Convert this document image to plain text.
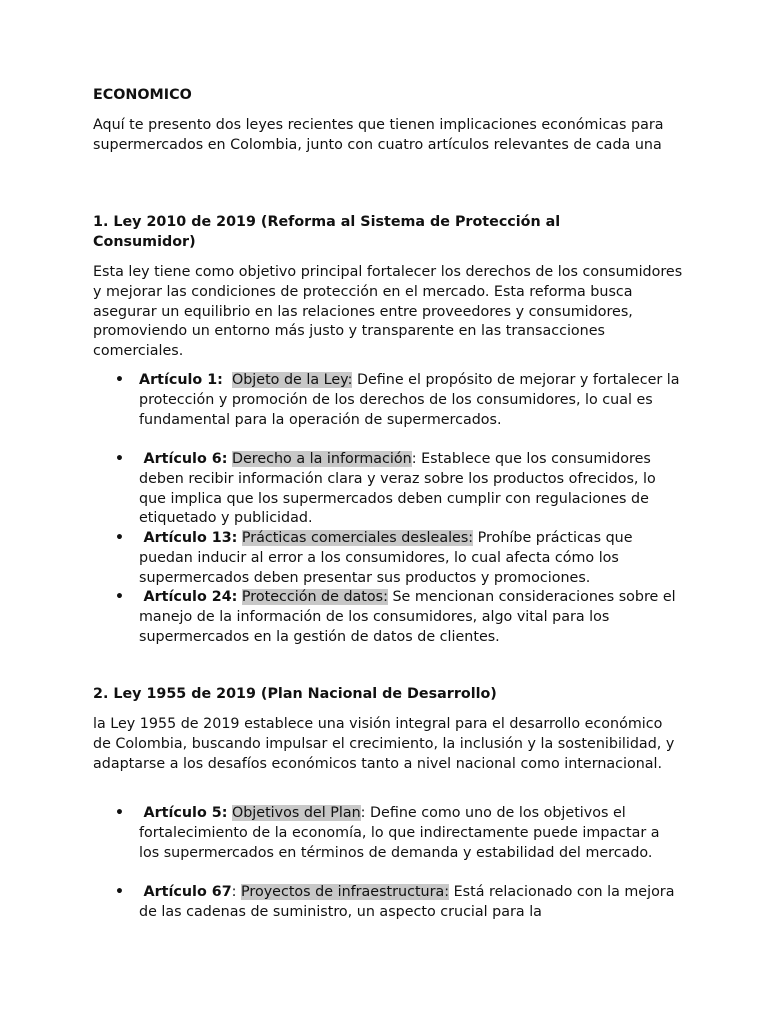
ECONOMICO
Aquí te presento dos leyes recientes que tienen implicaciones económicas para supermercados en Colombia, junto con cuatro artículos relevantes de cada una
1. Ley 2010 de 2019 (Reforma al Sistema de Protección al Consumidor)
Esta ley tiene como objetivo principal fortalecer los derechos de los consumidores y mejorar las condiciones de protección en el mercado. Esta reforma busca asegurar un equilibrio en las relaciones entre proveedores y consumidores, promoviendo un entorno más justo y transparente en las transacciones comerciales.
• Artículo 1: Objeto de la Ley: Define el propósito de mejorar y fortalecer la protección y promoción de los derechos de los consumidores, lo cual es fundamental para la operación de supermercados.
• Artículo 6: Derecho a la información: Establece que los consumidores deben recibir información clara y veraz sobre los productos ofrecidos, lo que implica que los supermercados deben cumplir con regulaciones de etiquetado y publicidad.
• Artículo 13: Prácticas comerciales desleales: Prohíbe prácticas que puedan inducir al error a los consumidores, lo cual afecta cómo los supermercados deben presentar sus productos y promociones.
• Artículo 24: Protección de datos: Se mencionan consideraciones sobre el manejo de la información de los consumidores, algo vital para los supermercados en la gestión de datos de clientes.
2. Ley 1955 de 2019 (Plan Nacional de Desarrollo)
la Ley 1955 de 2019 establece una visión integral para el desarrollo económico de Colombia, buscando impulsar el crecimiento, la inclusión y la sostenibilidad, y adaptarse a los desafíos económicos tanto a nivel nacional como internacional.
• Artículo 5: Objetivos del Plan: Define como uno de los objetivos el fortalecimiento de la economía, lo que indirectamente puede impactar a los supermercados en términos de demanda y estabilidad del mercado.
• Artículo 67: Proyectos de infraestructura: Está relacionado con la mejora de las cadenas de suministro, un aspecto crucial para la
